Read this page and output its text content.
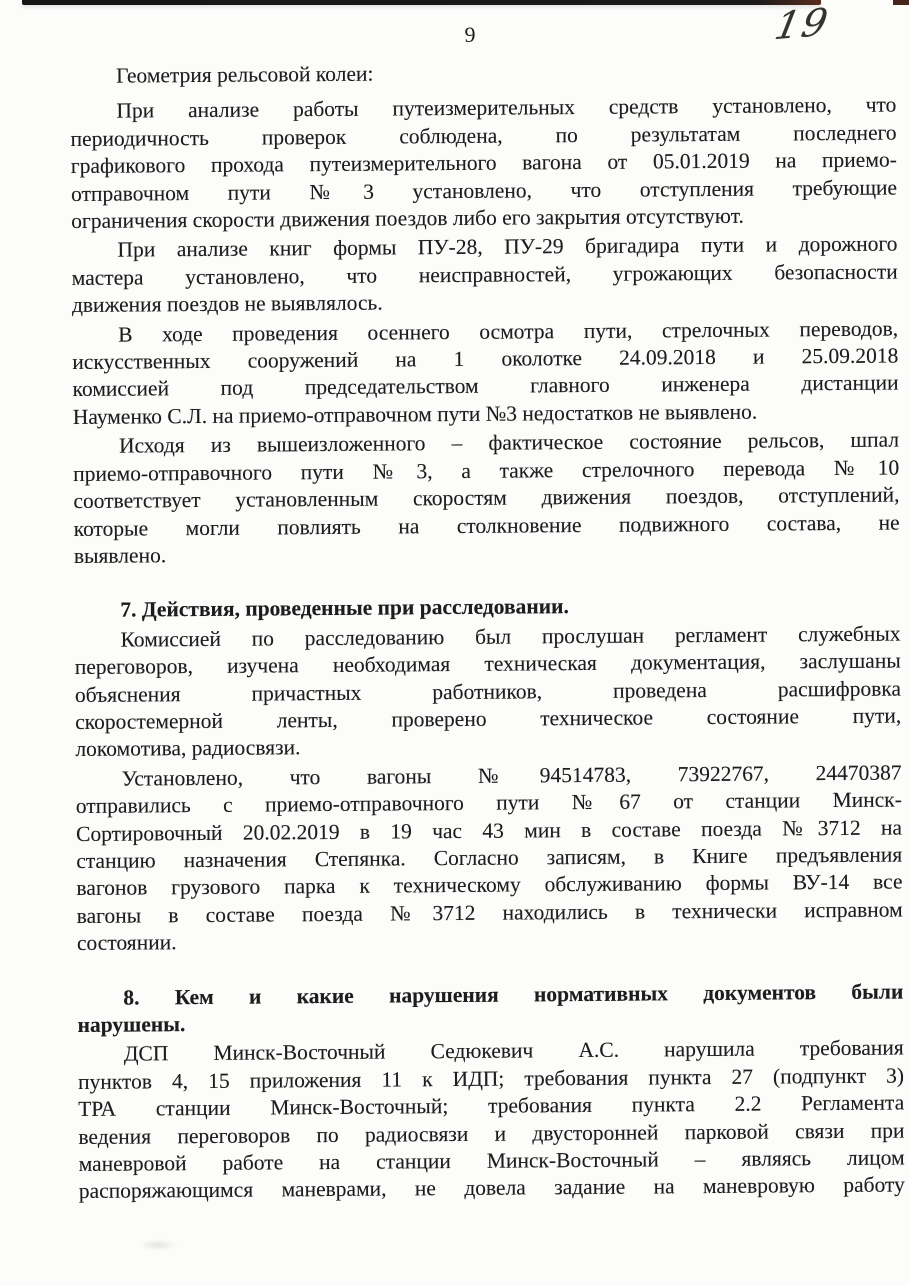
19
9
Геометрия рельсовой колеи:
При анализе работы путеизмерительных средств установлено, что
периодичность проверок соблюдена, по результатам последнего
графикового прохода путеизмерительного вагона от 05.01.2019 на приемо-
отправочном пути №3 установлено, что отступления требующие
ограничения скорости движения поездов либо его закрытия отсутствуют.
При анализе книг формы ПУ-28, ПУ-29 бригадира пути и дорожного
мастера установлено, что неисправностей, угрожающих безопасности
движения поездов не выявлялось.
В ходе проведения осеннего осмотра пути, стрелочных переводов,
искусственных сооружений на 1 околотке 24.09.2018 и 25.09.2018
комиссией под председательством главного инженера дистанции
Науменко С.Л. на приемо-отправочном пути №3 недостатков не выявлено.
Исходя из вышеизложенного – фактическое состояние рельсов, шпал
приемо-отправочного пути №3, а также стрелочного перевода №10
соответствует установленным скоростям движения поездов, отступлений,
которые могли повлиять на столкновение подвижного состава, не
выявлено.
7. Действия, проведенные при расследовании.
Комиссией по расследованию был прослушан регламент служебных
переговоров, изучена необходимая техническая документация, заслушаны
объяснения причастных работников, проведена расшифровка
скоростемерной ленты, проверено техническое состояние пути,
локомотива, радиосвязи.
Установлено, что вагоны №94514783, 73922767, 24470387
отправились с приемо-отправочного пути №67 от станции Минск-
Сортировочный 20.02.2019 в 19 час 43 мин в составе поезда №3712 на
станцию назначения Степянка. Согласно записям, в Книге предъявления
вагонов грузового парка к техническому обслуживанию формы ВУ-14 все
вагоны в составе поезда №3712 находились в технически исправном
состоянии.
8. Кем и какие нарушения нормативных документов были
нарушены.
ДСП Минск-Восточный Седюкевич А.С. нарушила требования
пунктов 4, 15 приложения 11 к ИДП; требования пункта 27 (подпункт 3)
ТРА станции Минск-Восточный; требования пункта 2.2 Регламента
ведения переговоров по радиосвязи и двусторонней парковой связи при
маневровой работе на станции Минск-Восточный – являясь лицом
распоряжающимся маневрами, не довела задание на маневровую работу
